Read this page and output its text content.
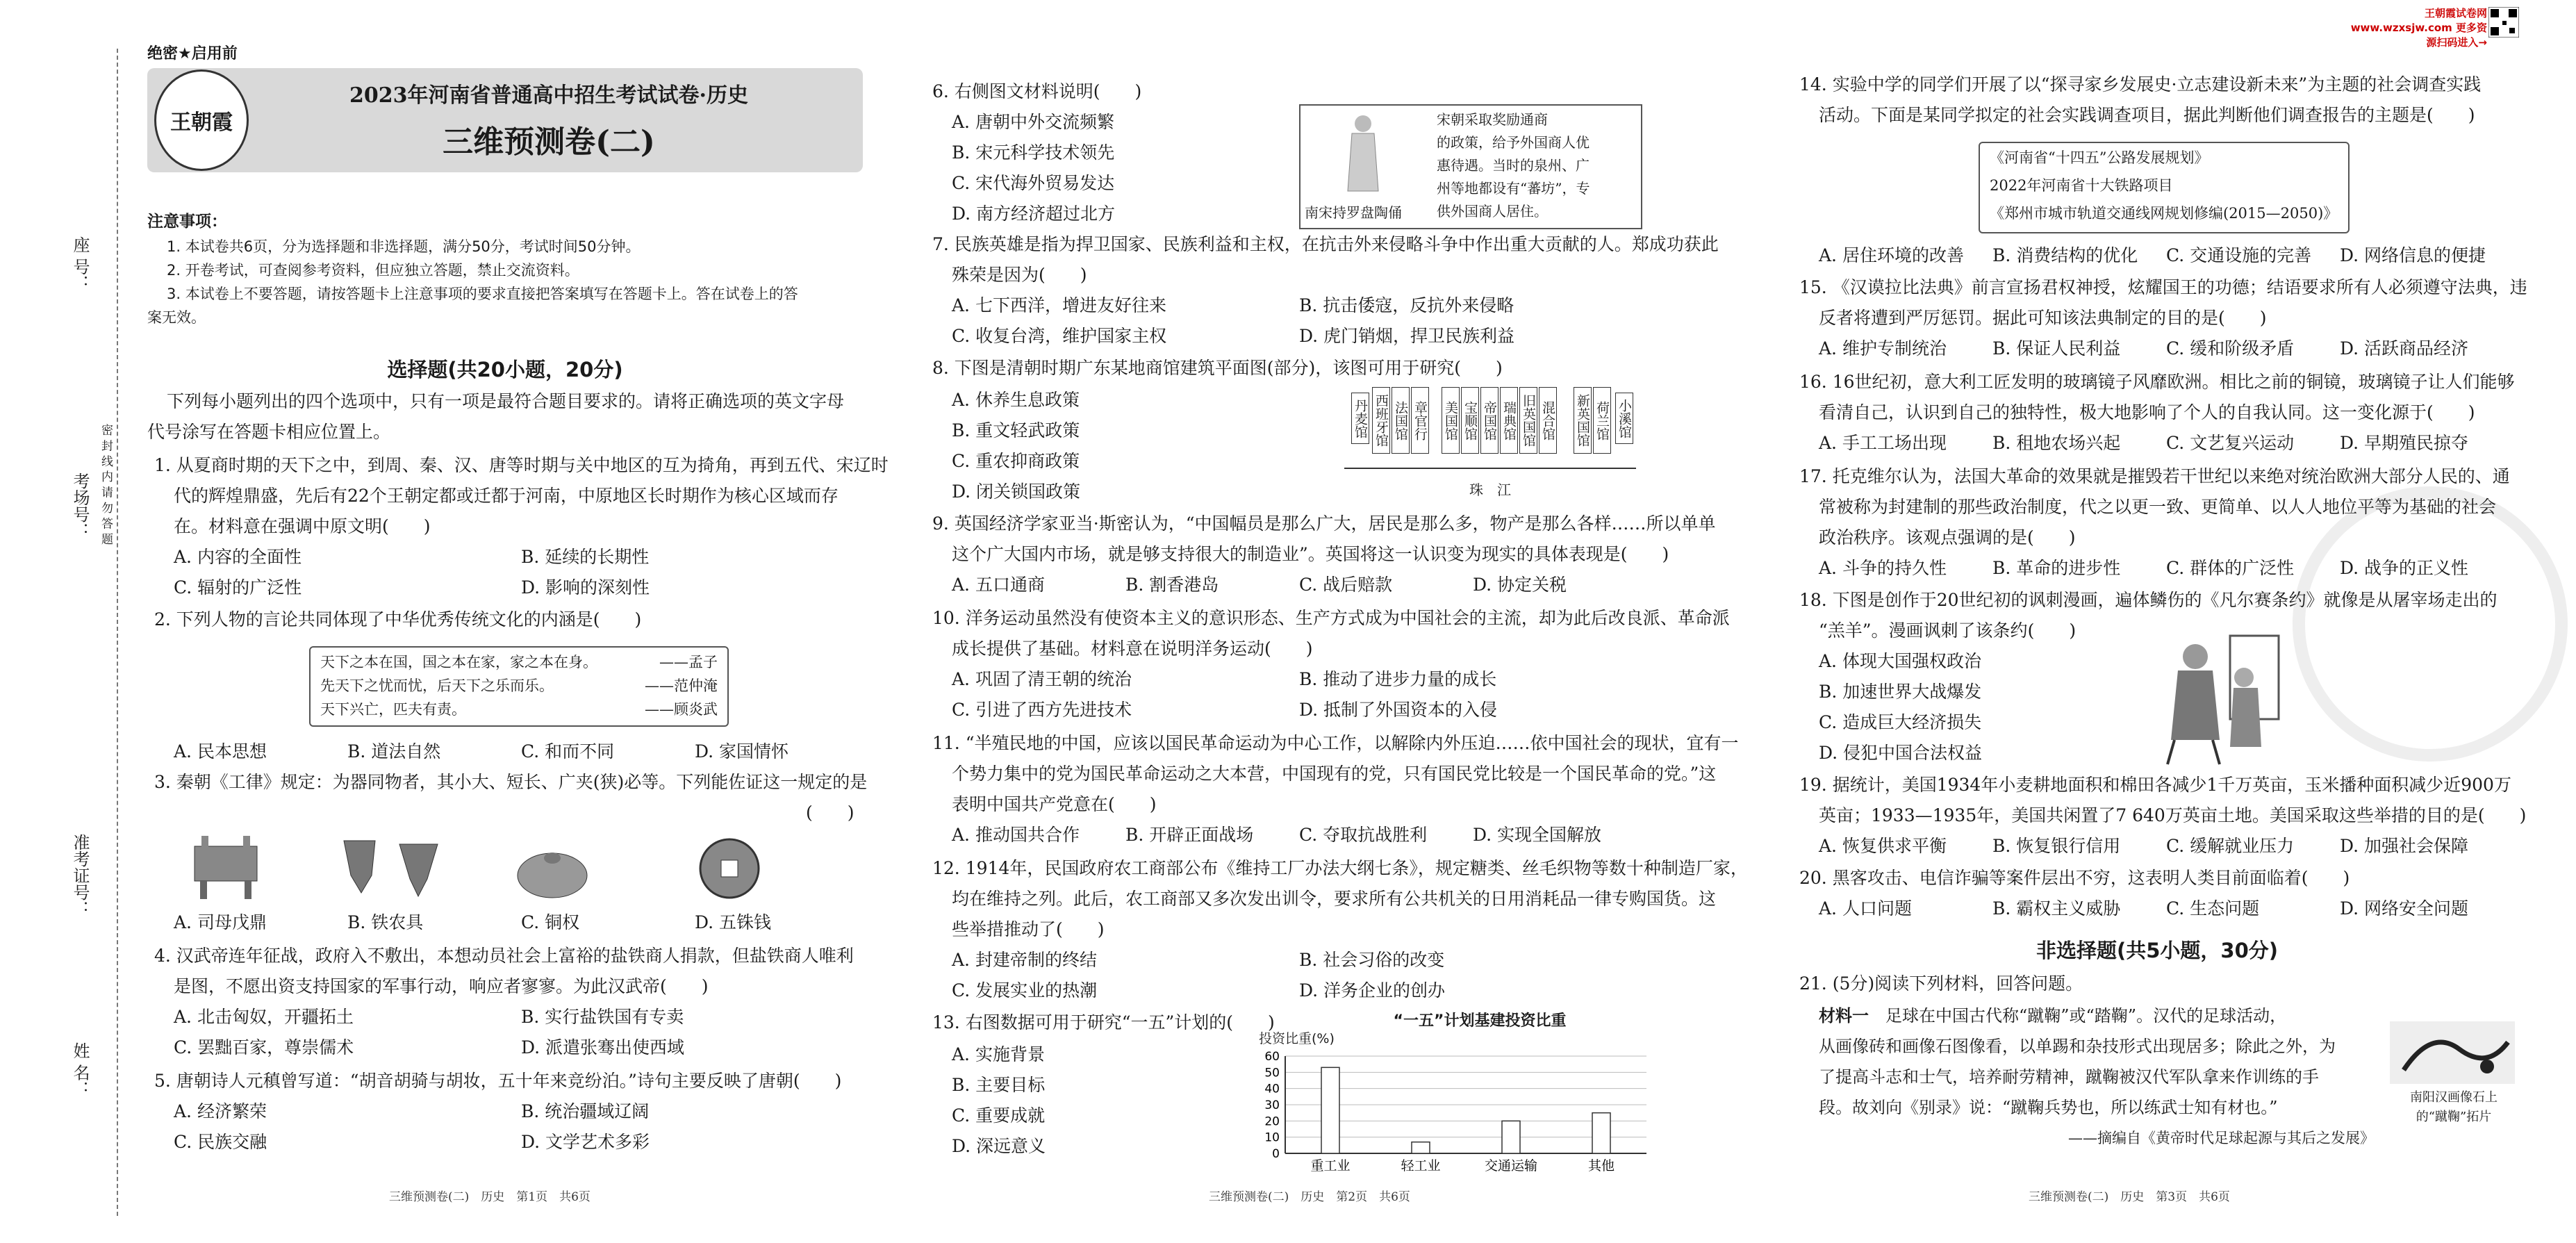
座 号：
考场号：
准考证号：
姓 名：
密 封 线 内 请 勿 答 题
绝密★启用前
王朝霞
2023年河南省普通高中招生考试试卷·历史
三维预测卷(二)
注意事项：
1. 本试卷共6页，分为选择题和非选择题，满分50分，考试时间50分钟。
2. 开卷考试，可查阅参考资料，但应独立答题，禁止交流资料。
3. 本试卷上不要答题，请按答题卡上注意事项的要求直接把答案填写在答题卡上。答在试卷上的答
案无效。
选择题(共20小题，20分)
下列每小题列出的四个选项中，只有一项是最符合题目要求的。请将正确选项的英文字母
代号涂写在答题卡相应位置上。
1. 从夏商时期的天下之中，到周、秦、汉、唐等时期与关中地区的互为掎角，再到五代、宋辽时
代的辉煌鼎盛，先后有22个王朝定都或迁都于河南，中原地区长时期作为核心区域而存
在。材料意在强调中原文明(　　)
A. 内容的全面性	B. 延续的长期性
C. 辐射的广泛性	D. 影响的深刻性
2. 下列人物的言论共同体现了中华优秀传统文化的内涵是(　　)
天下之本在国，国之本在家，家之本在身。	——孟子
先天下之忧而忧，后天下之乐而乐。	——范仲淹
天下兴亡，匹夫有责。	——顾炎武
A. 民本思想	B. 道法自然	C. 和而不同	D. 家国情怀
3. 秦朝《工律》规定：为器同物者，其小大、短长、广夹(狭)必等。下列能佐证这一规定的是
(　　)
A. 司母戊鼎	B. 铁农具	C. 铜权	D. 五铢钱
4. 汉武帝连年征战，政府入不敷出，本想动员社会上富裕的盐铁商人捐款，但盐铁商人唯利
是图，不愿出资支持国家的军事行动，响应者寥寥。为此汉武帝(　　)
A. 北击匈奴，开疆拓土	B. 实行盐铁国有专卖
C. 罢黜百家，尊崇儒术	D. 派遣张骞出使西域
5. 唐朝诗人元稹曾写道：“胡音胡骑与胡妆，五十年来竞纷泊。”诗句主要反映了唐朝(　　)
A. 经济繁荣	B. 统治疆域辽阔
C. 民族交融	D. 文学艺术多彩
三维预测卷(二)　历史　第1页　共6页
6. 右侧图文材料说明(　　)
A. 唐朝中外交流频繁
B. 宋元科学技术领先
C. 宋代海外贸易发达
D. 南方经济超过北方	南宋持罗盘陶俑
宋朝采取奖励通商
的政策，给予外国商人优
惠待遇。当时的泉州、广
州等地都设有“蕃坊”，专
供外国商人居住。
7. 民族英雄是指为捍卫国家、民族利益和主权，在抗击外来侵略斗争中作出重大贡献的人。郑成功获此
殊荣是因为(　　)
A. 七下西洋，增进友好往来	B. 抗击倭寇，反抗外来侵略
C. 收复台湾，维护国家主权	D. 虎门销烟，捍卫民族利益
8. 下图是清朝时期广东某地商馆建筑平面图(部分)，该图可用于研究(　　)
A. 休养生息政策
B. 重文轻武政策
C. 重农抑商政策
D. 闭关锁国政策
丹麦馆 西班牙馆 法国馆 章官行 美国馆 宝顺馆 帝国馆 瑞典馆 旧英国馆 混合馆 新英国馆 荷兰馆 小溪馆
珠　江
9. 英国经济学家亚当·斯密认为，“中国幅员是那么广大，居民是那么多，物产是那么各样……所以单单
这个广大国内市场，就是够支持很大的制造业”。英国将这一认识变为现实的具体表现是(　　)
A. 五口通商	B. 割香港岛	C. 战后赔款	D. 协定关税
10. 洋务运动虽然没有使资本主义的意识形态、生产方式成为中国社会的主流，却为此后改良派、革命派
成长提供了基础。材料意在说明洋务运动(　　)
A. 巩固了清王朝的统治	B. 推动了进步力量的成长
C. 引进了西方先进技术	D. 抵制了外国资本的入侵
11. “半殖民地的中国，应该以国民革命运动为中心工作，以解除内外压迫……依中国社会的现状，宜有一
个势力集中的党为国民革命运动之大本营，中国现有的党，只有国民党比较是一个国民革命的党。”这
表明中国共产党意在(　　)
A. 推动国共合作	B. 开辟正面战场	C. 夺取抗战胜利	D. 实现全国解放
12. 1914年，民国政府农工商部公布《维持工厂办法大纲七条》，规定糖类、丝毛织物等数十种制造厂家，
均在维持之列。此后，农工商部又多次发出训令，要求所有公共机关的日用消耗品一律专购国货。这
些举措推动了(　　)
A. 封建帝制的终结	B. 社会习俗的改变
C. 发展实业的热潮	D. 洋务企业的创办
13. 右图数据可用于研究“一五”计划的(　　)
A. 实施背景
B. 主要目标
C. 重要成就
D. 深远意义
“一五”计划基建投资比重
投资比重(%)
0
10
20
30
40
50
60
重工业	轻工业	交通运输	其他
三维预测卷(二)　历史　第2页　共6页
王朝霞试卷网 www.wzxsjw.com 更多资源扫码进入→
14. 实验中学的同学们开展了以“探寻家乡发展史·立志建设新未来”为主题的社会调查实践
活动。下面是某同学拟定的社会实践调查项目，据此判断他们调查报告的主题是(　　)
《河南省“十四五”公路发展规划》
2022年河南省十大铁路项目
《郑州市城市轨道交通线网规划修编(2015—2050)》
A. 居住环境的改善 B. 消费结构的优化 C. 交通设施的完善 D. 网络信息的便捷
15. 《汉谟拉比法典》前言宣扬君权神授，炫耀国王的功德；结语要求所有人必须遵守法典，违
反者将遭到严厉惩罚。据此可知该法典制定的目的是(　　)
A. 维护专制统治	B. 保证人民利益	C. 缓和阶级矛盾	D. 活跃商品经济
16. 16世纪初，意大利工匠发明的玻璃镜子风靡欧洲。相比之前的铜镜，玻璃镜子让人们能够
看清自己，认识到自己的独特性，极大地影响了个人的自我认同。这一变化源于(　　)
A. 手工工场出现	B. 租地农场兴起	C. 文艺复兴运动	D. 早期殖民掠夺
17. 托克维尔认为，法国大革命的效果就是摧毁若干世纪以来绝对统治欧洲大部分人民的、通
常被称为封建制的那些政治制度，代之以更一致、更简单、以人人地位平等为基础的社会
政治秩序。该观点强调的是(　　)
A. 斗争的持久性	B. 革命的进步性	C. 群体的广泛性	D. 战争的正义性
18. 下图是创作于20世纪初的讽刺漫画，遍体鳞伤的《凡尔赛条约》就像是从屠宰场走出的
“羔羊”。漫画讽刺了该条约(　　)
A. 体现大国强权政治
B. 加速世界大战爆发
C. 造成巨大经济损失
D. 侵犯中国合法权益
19. 据统计，美国1934年小麦耕地面积和棉田各减少1千万英亩，玉米播种面积减少近900万
英亩；1933—1935年，美国共闲置了7 640万英亩土地。美国采取这些举措的目的是(　　)
A. 恢复供求平衡	B. 恢复银行信用	C. 缓解就业压力	D. 加强社会保障
20. 黑客攻击、电信诈骗等案件层出不穷，这表明人类目前面临着(　　)
A. 人口问题	B. 霸权主义威胁	C. 生态问题	D. 网络安全问题
非选择题(共5小题，30分)
21. (5分)阅读下列材料，回答问题。
材料一　 足球在中国古代称“蹴鞠”或“踏鞠”。汉代的足球活动，
从画像砖和画像石图像看，以单踢和杂技形式出现居多；除此之外，为
了提高斗志和士气，培养耐劳精神，蹴鞠被汉代军队拿来作训练的手
段。故刘向《别录》说：“蹴鞠兵势也，所以练武士知有材也。”
——摘编自《黄帝时代足球起源与其后之发展》
南阳汉画像石上
的“蹴鞠”拓片
三维预测卷(二)　历史　第3页　共6页
